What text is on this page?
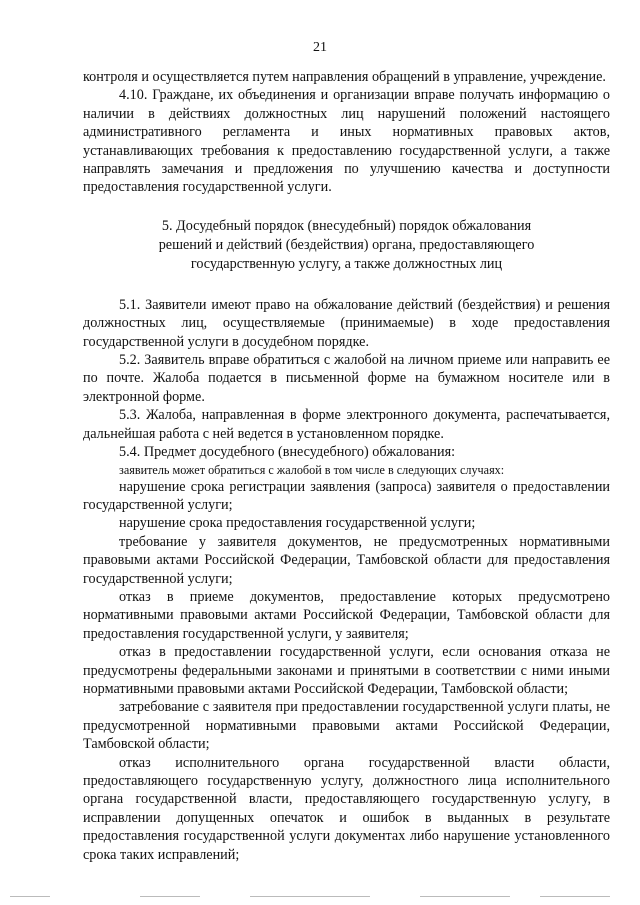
21

контроля и осуществляется путем направления обращений в управление, учреждение.

4.10. Граждане, их объединения и организации вправе получать информацию о наличии в действиях должностных лиц нарушений положений настоящего административного регламента и иных нормативных правовых актов, устанавливающих требования к предоставлению государственной услуги, а также направлять замечания и предложения по улучшению качества и доступности предоставления государственной услуги.

5. Досудебный порядок (внесудебный) порядок обжалования
решений и действий (бездействия) органа, предоставляющего
государственную услугу, а также должностных лиц

5.1. Заявители имеют право на обжалование действий (бездействия) и решения должностных лиц, осуществляемые (принимаемые) в ходе предоставления государственной услуги в досудебном порядке.

5.2. Заявитель вправе обратиться с жалобой на личном приеме или направить ее по почте. Жалоба подается в письменной форме на бумажном носителе или в электронной форме.

5.3. Жалоба, направленная в форме электронного документа, распечатывается, дальнейшая работа с ней ведется в установленном порядке.

5.4. Предмет досудебного (внесудебного) обжалования:

заявитель может обратиться с жалобой в том числе в следующих случаях:

нарушение срока регистрации заявления (запроса) заявителя о предоставлении государственной услуги;

нарушение срока предоставления государственной услуги;

требование у заявителя документов, не предусмотренных нормативными правовыми актами Российской Федерации, Тамбовской области для предоставления государственной услуги;

отказ в приеме документов, предоставление которых предусмотрено нормативными правовыми актами Российской Федерации, Тамбовской области для предоставления государственной услуги, у заявителя;

отказ в предоставлении государственной услуги, если основания отказа не предусмотрены федеральными законами и принятыми в соответствии с ними иными нормативными правовыми актами Российской Федерации, Тамбовской области;

затребование с заявителя при предоставлении государственной услуги платы, не предусмотренной нормативными правовыми актами Российской Федерации, Тамбовской области;

отказ исполнительного органа государственной власти области, предоставляющего государственную услугу, должностного лица исполнительного органа государственной власти, предоставляющего государственную услугу, в исправлении допущенных опечаток и ошибок в выданных в результате предоставления государственной услуги документах либо нарушение установленного срока таких исправлений;
